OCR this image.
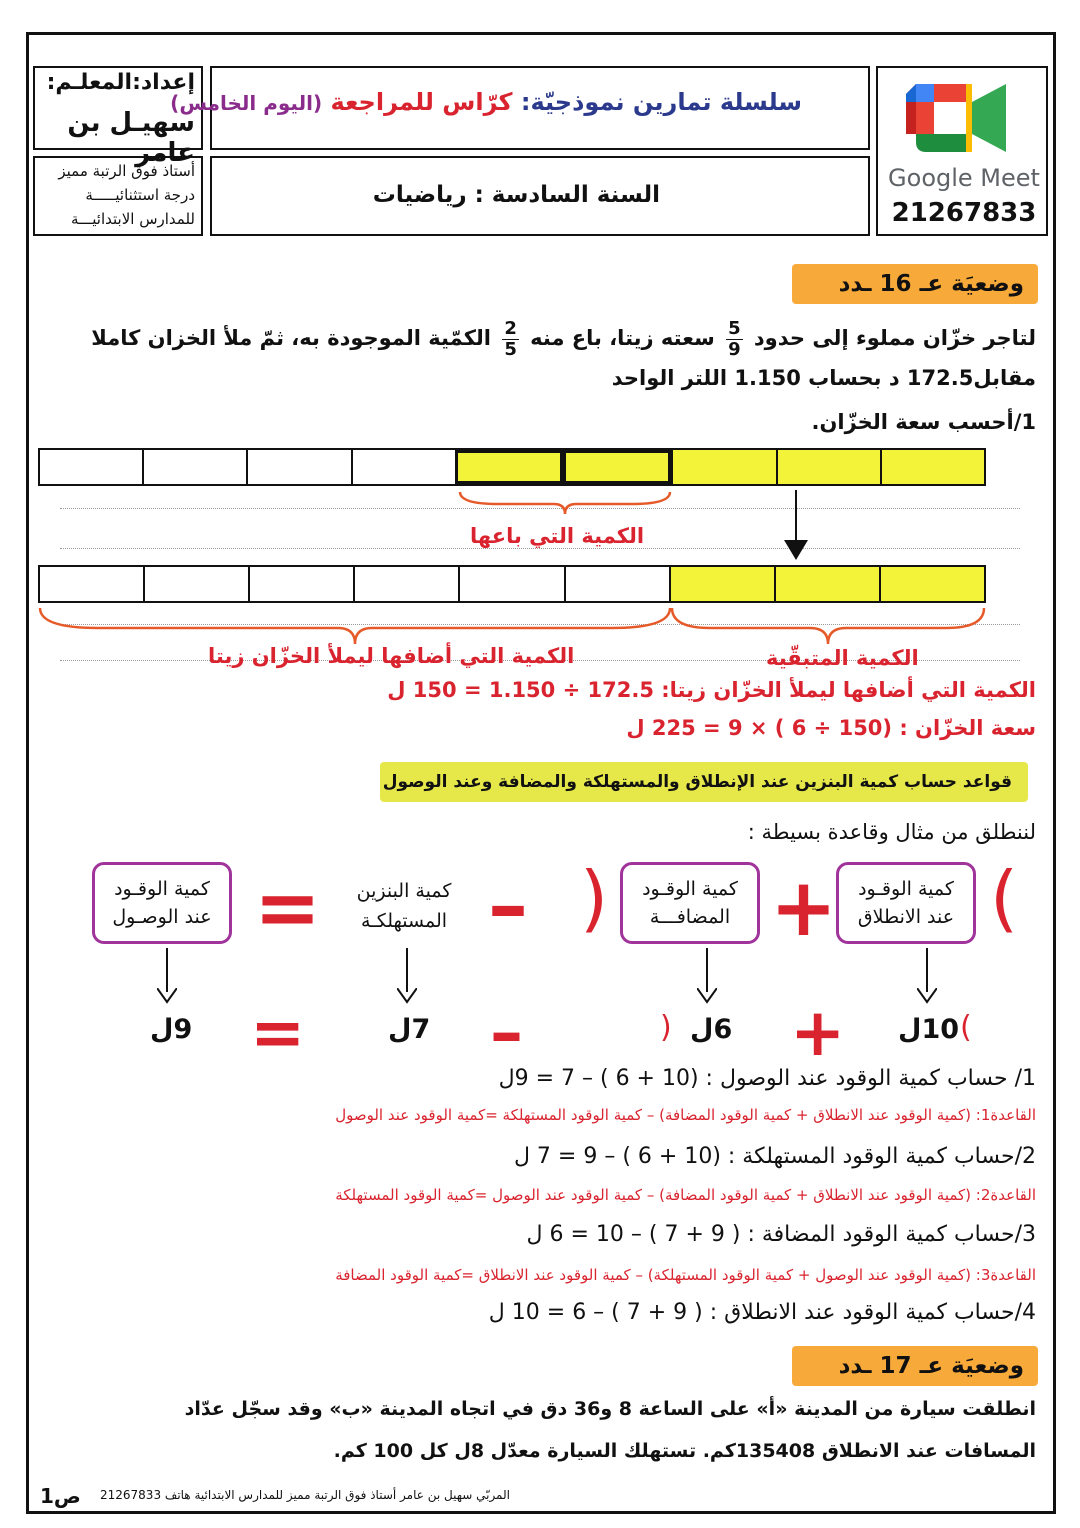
إعداد:المعلـم:
سهيـل بن عامر
سلسلة تمارين نموذجيّة: كرّاس للمراجعة (اليوم الخامس)
Google Meet
21267833
أستاذ فوق الرتبة مميز
درجة استثنائيـــــة
للمدارس الابتدائيـــة
السنة السادسة : رياضيات
وضعيَة عـ 16 ـدد
لتاجر خزّان مملوء إلى حدود
$\frac{5}{9}$
سعته زيتا، باع منه
$\frac{2}{5}$
الكمّية الموجودة به، ثمّ ملأ الخزان كاملا
مقابل172.5 د بحساب 1.150 اللتر الواحد
1/أحسب سعة الخزّان.
الكمية التي باعها
الكمية التي أضافها ليملأ الخزّان زيتا	الكمية المتبقّية
الكمية التي أضافها ليملأ الخزّان زيتا: 172.5 ÷ 1.150 = 150 ل
سعة الخزّان : (150 ÷ 6 ) × 9 = 225 ل
قواعد حساب كمية البنزين عند الإنطلاق والمستهلكة والمضافة وعند الوصول
لننطلق من مثال وقاعدة بسيطة :
(
كمية الوقـود عند الانطلاق
+
كمية الوقـود المضافـــة
)
–
كمية البنزين المستهلكـة
=
كمية الوقـود عند الوصـول
(
10ل
+
6ل
)
–
7ل
=
9ل
1/ حساب كمية الوقود عند الوصول : (10 + 6 ) – 7 = 9ل
القاعدة1: (كمية الوقود عند الانطلاق + كمية الوقود المضافة) – كمية الوقود المستهلكة =كمية الوقود عند الوصول
2/حساب كمية الوقود المستهلكة : (10 + 6 ) – 9 = 7 ل
القاعدة2: (كمية الوقود عند الانطلاق + كمية الوقود المضافة) – كمية الوقود عند الوصول =كمية الوقود المستهلكة
3/حساب كمية الوقود المضافة : ( 9 + 7 ) – 10 = 6 ل
القاعدة3: (كمية الوقود عند الوصول + كمية الوقود المستهلكة) – كمية الوقود عند الانطلاق =كمية الوقود المضافة
4/حساب كمية الوقود عند الانطلاق : ( 9 + 7 ) – 6 = 10 ل
وضعيَة عـ 17 ـدد
انطلقت سيارة من المدينة «أ» على الساعة 8 و36 دق في اتجاه المدينة «ب» وقد سجّل عدّاد
المسافات عند الانطلاق 135408كم. تستهلك السيارة معدّل 8ل كل 100 كم.
ص1 المربّي سهيل بن عامر أستاذ فوق الرتبة مميز للمدارس الابتدائية هاتف 21267833
